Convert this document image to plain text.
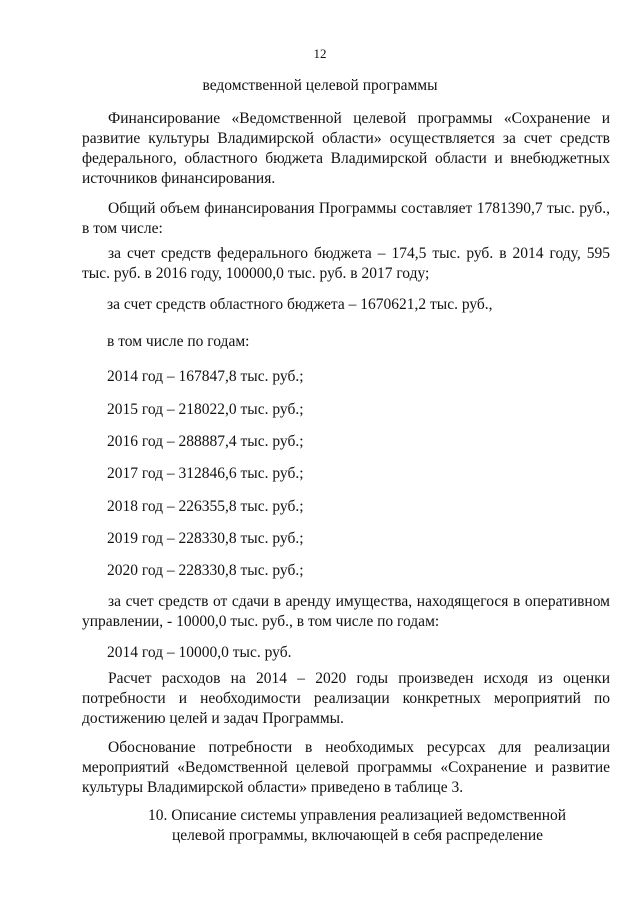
12
ведомственной целевой программы

Финансирование «Ведомственной целевой программы «Сохранение и развитие культуры Владимирской области» осуществляется за счет средств федерального, областного бюджета Владимирской области и внебюджетных источников финансирования.

Общий объем финансирования Программы составляет 1781390,7 тыс. руб., в том числе:

за счет средств федерального бюджета – 174,5 тыс. руб. в 2014 году, 595 тыс. руб. в 2016 году, 100000,0 тыс. руб. в 2017 году;

за счет средств областного бюджета – 1670621,2 тыс. руб.,

в том числе по годам:

2014 год – 167847,8 тыс. руб.;

2015 год – 218022,0 тыс. руб.;

2016 год – 288887,4 тыс. руб.;

2017 год – 312846,6 тыс. руб.;

2018 год – 226355,8 тыс. руб.;

2019 год – 228330,8 тыс. руб.;

2020 год – 228330,8 тыс. руб.;

за счет средств от сдачи в аренду имущества, находящегося в оперативном управлении, - 10000,0 тыс. руб., в том числе по годам:

2014 год – 10000,0 тыс. руб.

Расчет расходов на 2014 – 2020 годы произведен исходя из оценки потребности и необходимости реализации конкретных мероприятий по достижению целей и задач Программы.

Обоснование потребности в необходимых ресурсах для реализации мероприятий «Ведомственной целевой программы «Сохранение и развитие культуры Владимирской области» приведено в таблице 3.

10. Описание системы управления реализацией ведомственной
целевой программы, включающей в себя распределение
